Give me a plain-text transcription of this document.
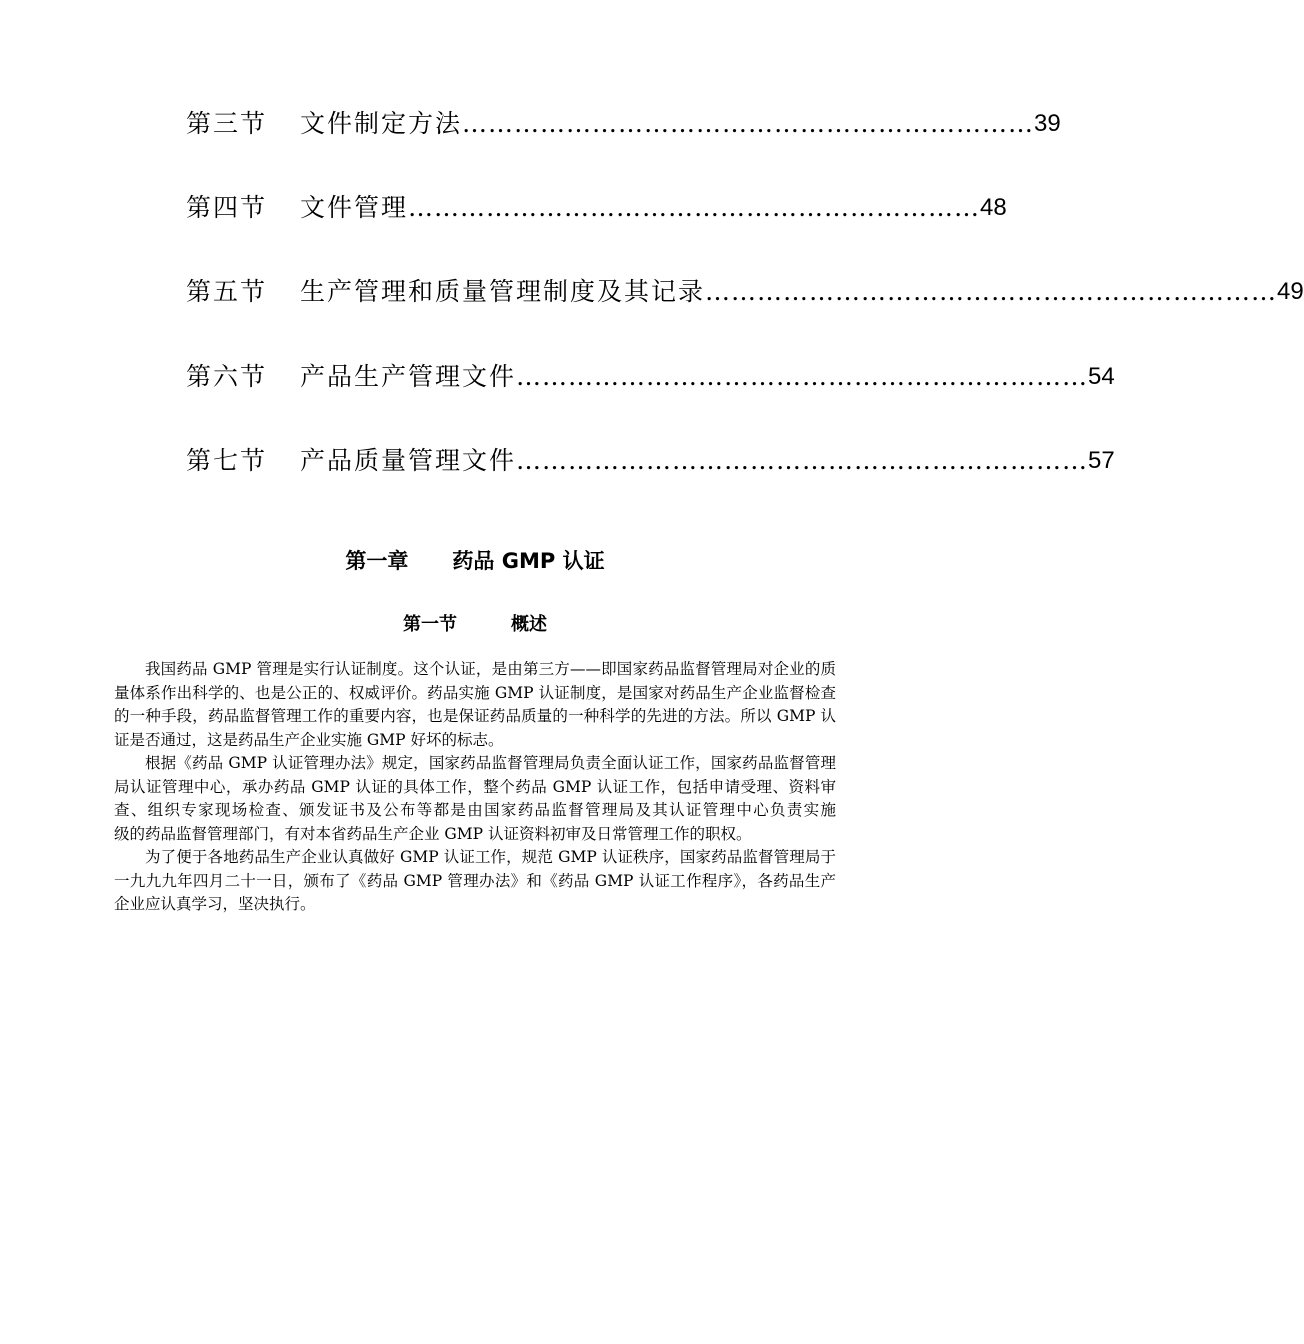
第三节	文件制定方法 ………………………………………………………… 39
第四节	文件管理 ………………………………………………………… 48
第五节	生产管理和质量管理制度及其记录 ………………………………………………………… 49
第六节	产品生产管理文件 ………………………………………………………… 54
第七节	产品质量管理文件 ………………………………………………………… 57
第一章 药品 GMP 认证
第一节	概述

我国药品 GMP 管理是实行认证制度。这个认证，是由第三方——即国家药品监督管理局对企业的质量体系作出科学的、也是公正的、权威评价。药品实施 GMP 认证制度，是国家对药品生产企业监督检查的一种手段，药品监督管理工作的重要内容，也是保证药品质量的一种科学的先进的方法。所以 GMP 认证是否通过，这是药品生产企业实施 GMP 好坏的标志。

根据《药品 GMP 认证管理办法》规定，国家药品监督管理局负责全面认证工作，国家药品监督管理局认证管理中心，承办药品 GMP 认证的具体工作，整个药品 GMP 认证工作，包括申请受理、资料审查、组织专家现场检查、颁发证书及公布等都是由国家药品监督管理局及其认证管理中心负责实施　　　级的药品监督管理部门，有对本省药品生产企业 GMP 认证资料初审及日常管理工作的职权。

为了便于各地药品生产企业认真做好 GMP 认证工作，规范 GMP 认证秩序，国家药品监督管理局于一九九九年四月二十一日，颁布了《药品 GMP 管理办法》和《药品 GMP 认证工作程序》，各药品生产企业应认真学习，坚决执行。
